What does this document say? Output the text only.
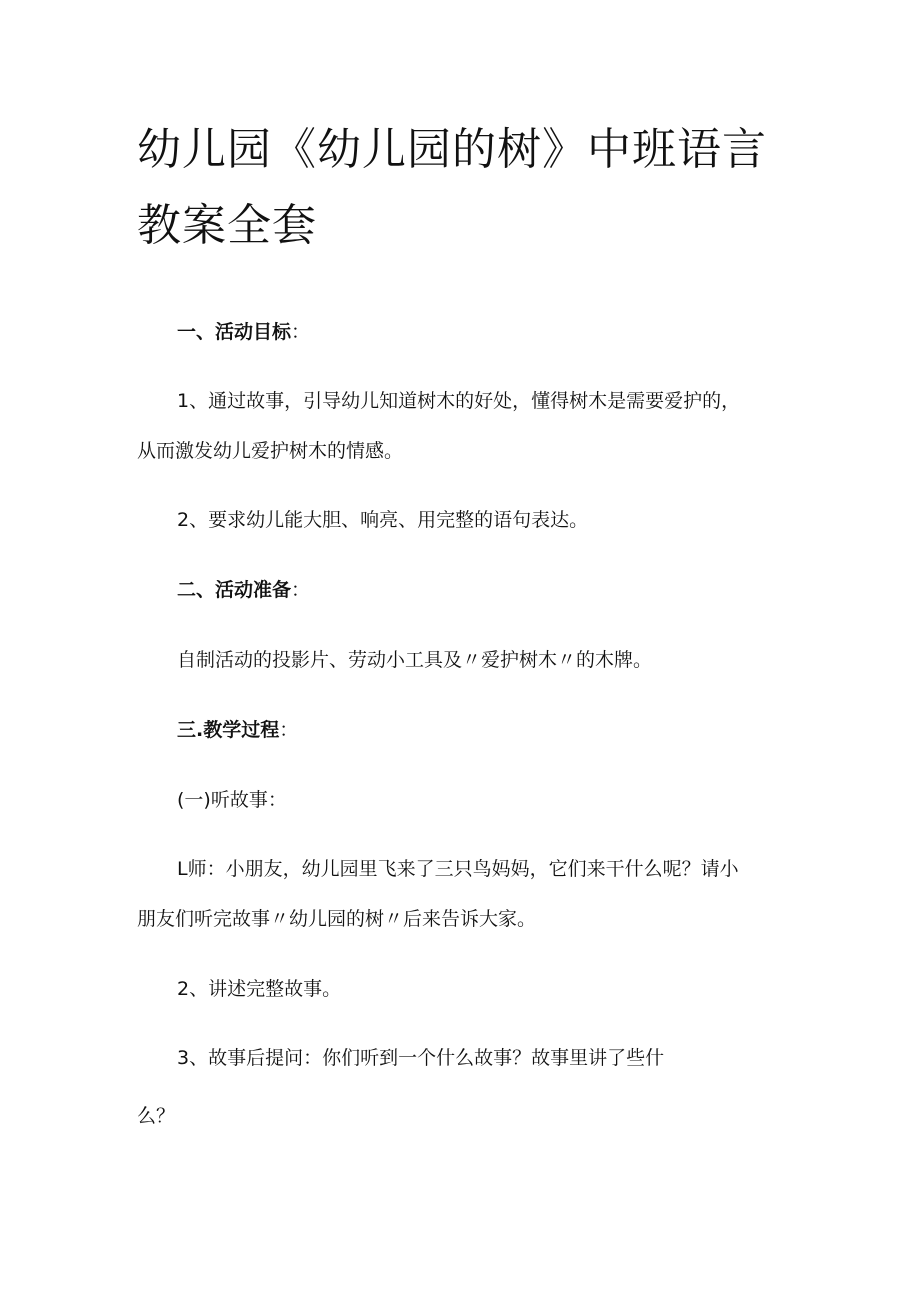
幼儿园《幼儿园的树》中班语言教案全套

一、活动目标：

1、通过故事，引导幼儿知道树木的好处，懂得树木是需要爱护的，

从而激发幼儿爱护树木的情感。

2、要求幼儿能大胆、响亮、用完整的语句表达。

二、活动准备：

自制活动的投影片、劳动小工具及〃爱护树木〃的木牌。

三.教学过程：

(一)听故事：

L师：小朋友，幼儿园里飞来了三只鸟妈妈，它们来干什么呢？请小

朋友们听完故事〃幼儿园的树〃后来告诉大家。

2、讲述完整故事。

3、故事后提问：你们听到一个什么故事？故事里讲了些什

么？
